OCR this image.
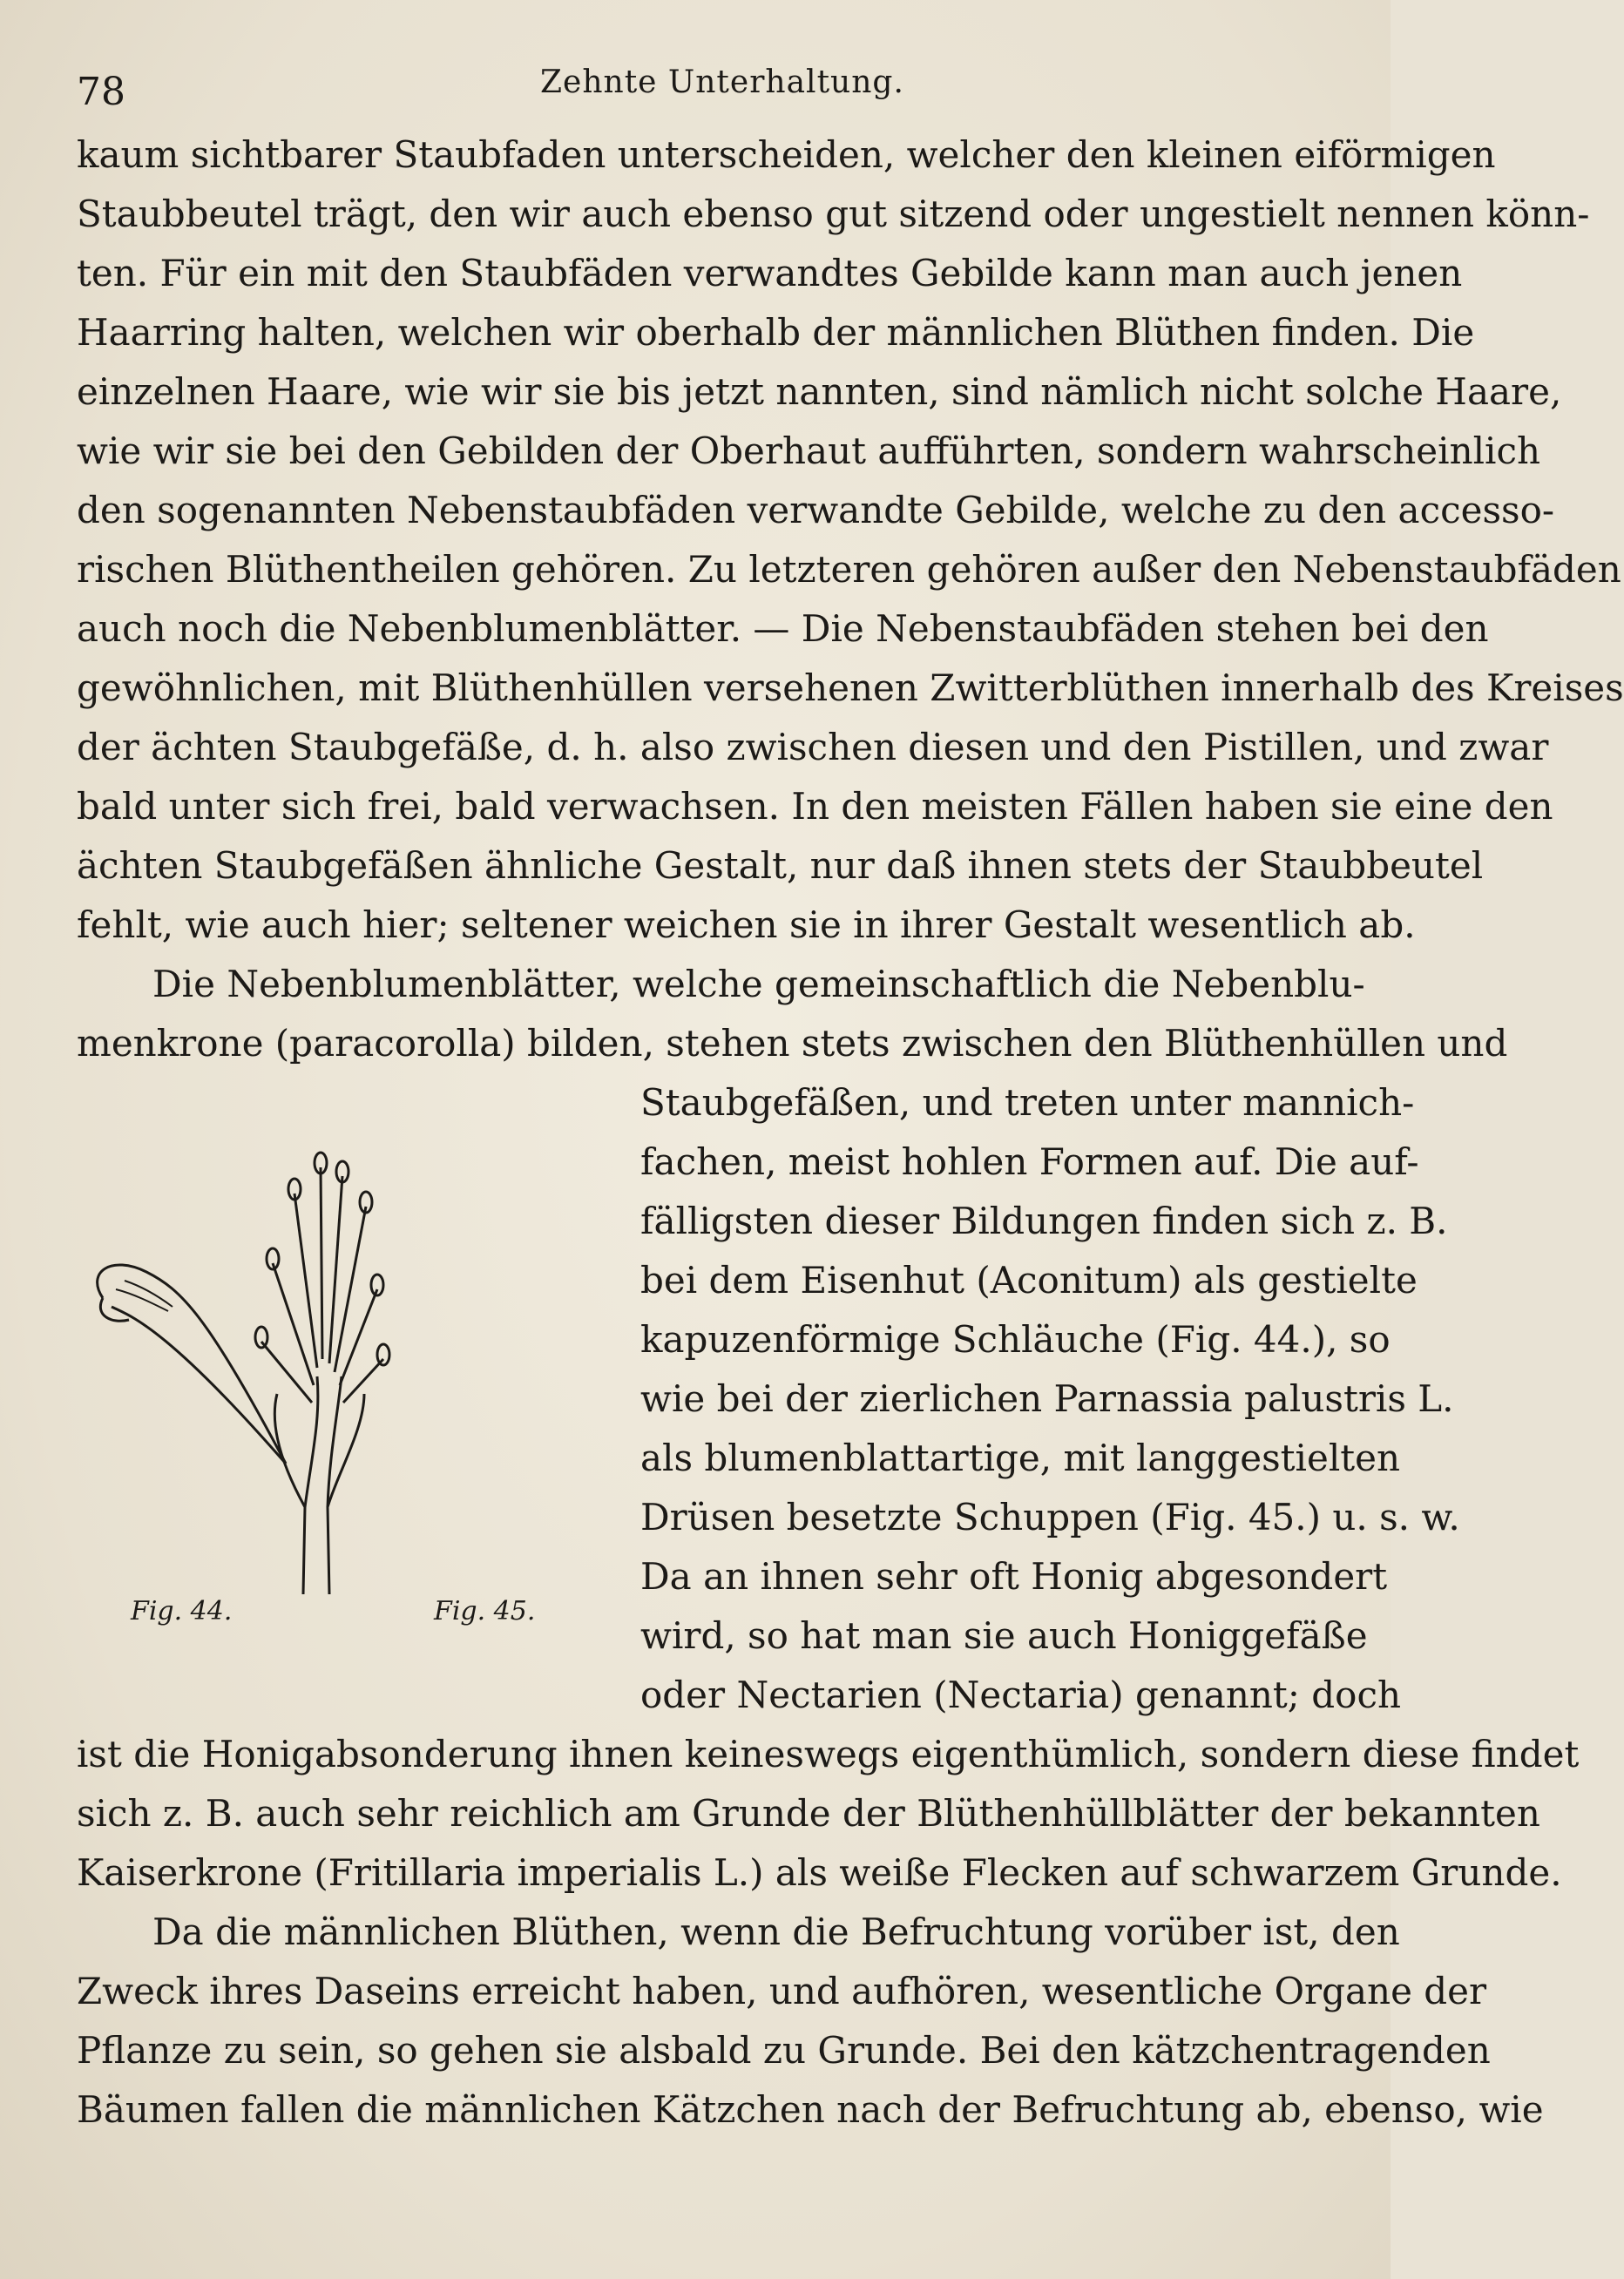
78	Zehnte Unterhaltung.
kaum sichtbarer Staubfaden unterscheiden, welcher den kleinen eiförmigen
Staubbeutel trägt, den wir auch ebenso gut sitzend oder ungestielt nennen könn-
ten. Für ein mit den Staubfäden verwandtes Gebilde kann man auch jenen
Haarring halten, welchen wir oberhalb der männlichen Blüthen finden. Die
einzelnen Haare, wie wir sie bis jetzt nannten, sind nämlich nicht solche Haare,
wie wir sie bei den Gebilden der Oberhaut aufführten, sondern wahrscheinlich
den sogenannten Nebenstaubfäden verwandte Gebilde, welche zu den accesso-
rischen Blüthentheilen gehören. Zu letzteren gehören außer den Nebenstaubfäden
auch noch die Nebenblumenblätter. — Die Nebenstaubfäden stehen bei den
gewöhnlichen, mit Blüthenhüllen versehenen Zwitterblüthen innerhalb des Kreises
der ächten Staubgefäße, d. h. also zwischen diesen und den Pistillen, und zwar
bald unter sich frei, bald verwachsen. In den meisten Fällen haben sie eine den
ächten Staubgefäßen ähnliche Gestalt, nur daß ihnen stets der Staubbeutel
fehlt, wie auch hier; seltener weichen sie in ihrer Gestalt wesentlich ab.
Die Nebenblumenblätter, welche gemeinschaftlich die Nebenblu-
menkrone (paracorolla) bilden, stehen stets zwischen den Blüthenhüllen und
Staubgefäßen, und treten unter mannich-
fachen, meist hohlen Formen auf. Die auf-
fälligsten dieser Bildungen finden sich z. B.
bei dem Eisenhut (Aconitum) als gestielte
kapuzenförmige Schläuche (Fig. 44.), so
wie bei der zierlichen Parnassia palustris L.
als blumenblattartige, mit langgestielten
Drüsen besetzte Schuppen (Fig. 45.) u. s. w.
Da an ihnen sehr oft Honig abgesondert
wird, so hat man sie auch Honiggefäße
oder Nectarien (Nectaria) genannt; doch
Fig. 44.	Fig. 45.
ist die Honigabsonderung ihnen keineswegs eigenthümlich, sondern diese findet
sich z. B. auch sehr reichlich am Grunde der Blüthenhüllblätter der bekannten
Kaiserkrone (Fritillaria imperialis L.) als weiße Flecken auf schwarzem Grunde.
Da die männlichen Blüthen, wenn die Befruchtung vorüber ist, den
Zweck ihres Daseins erreicht haben, und aufhören, wesentliche Organe der
Pflanze zu sein, so gehen sie alsbald zu Grunde. Bei den kätzchentragenden
Bäumen fallen die männlichen Kätzchen nach der Befruchtung ab, ebenso, wie
